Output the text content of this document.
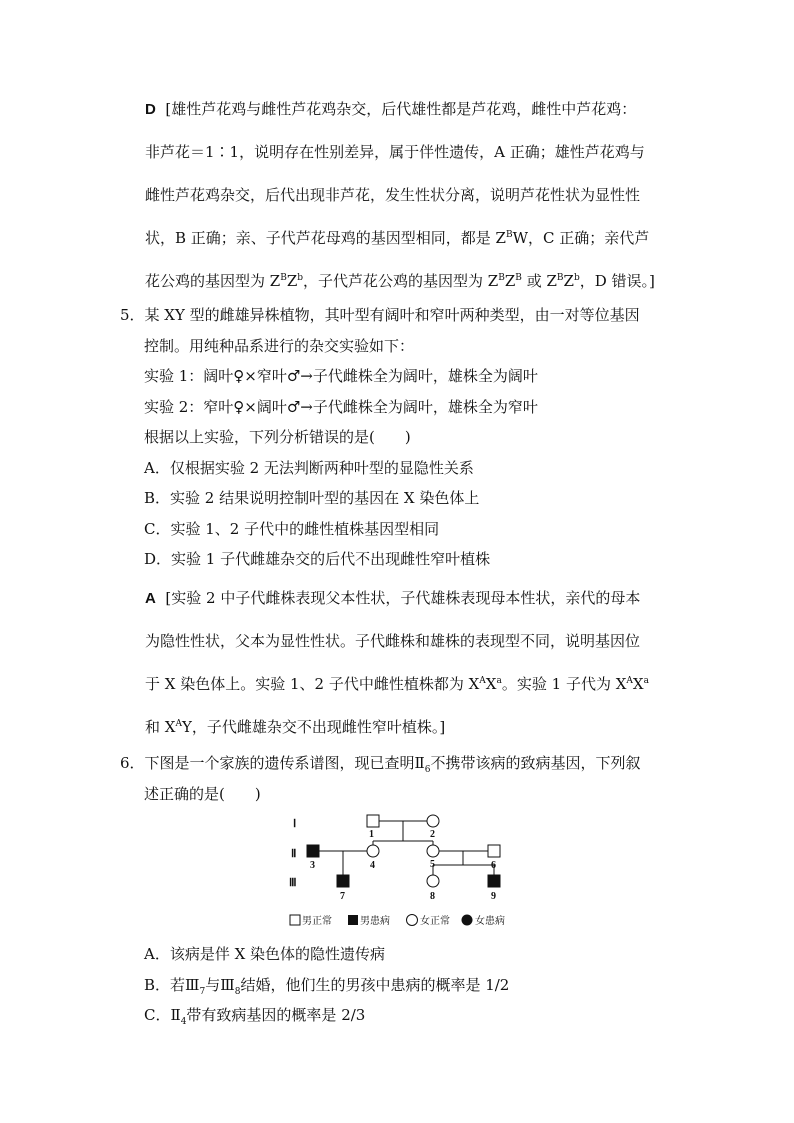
D [雄性芦花鸡与雌性芦花鸡杂交，后代雄性都是芦花鸡，雌性中芦花鸡：

非芦花＝1∶1，说明存在性别差异，属于伴性遗传，A 正确；雄性芦花鸡与

雌性芦花鸡杂交，后代出现非芦花，发生性状分离，说明芦花性状为显性性

状，B 正确；亲、子代芦花母鸡的基因型相同，都是 $Z^BW$，C 正确；亲代芦

花公鸡的基因型为 $Z^BZ^b$，子代芦花公鸡的基因型为 $Z^BZ^B$ 或 $Z^BZ^b$，D 错误。]

5．某 XY 型的雌雄异株植物，其叶型有阔叶和窄叶两种类型，由一对等位基因

控制。用纯种品系进行的杂交实验如下：

实验 1：阔叶♀×窄叶♂→子代雌株全为阔叶，雄株全为阔叶

实验 2：窄叶♀×阔叶♂→子代雌株全为阔叶，雄株全为窄叶

根据以上实验，下列分析错误的是(　　)

A．仅根据实验 2 无法判断两种叶型的显隐性关系

B．实验 2 结果说明控制叶型的基因在 X 染色体上

C．实验 1、2 子代中的雌性植株基因型相同

D．实验 1 子代雌雄杂交的后代不出现雌性窄叶植株

A [实验 2 中子代雌株表现父本性状，子代雄株表现母本性状，亲代的母本

为隐性性状，父本为显性性状。子代雌株和雄株的表现型不同，说明基因位

于 X 染色体上。实验 1、2 子代中雌性植株都为 $X^AX^a$。实验 1 子代为 $X^AX^a$

和 $X^AY$，子代雌雄杂交不出现雌性窄叶植株。]

6．下图是一个家族的遗传系谱图，现已查明$Ⅱ_6$不携带该病的致病基因，下列叙

述正确的是(　　)

Ⅰ
Ⅱ
Ⅲ
1	2
3	4	5	6
7	8	9
男正常	男患病	女正常	女患病

A．该病是伴 X 染色体的隐性遗传病

B．若$Ⅲ_7$与$Ⅲ_8$结婚，他们生的男孩中患病的概率是 1/2

C．$Ⅱ_4$带有致病基因的概率是 2/3
